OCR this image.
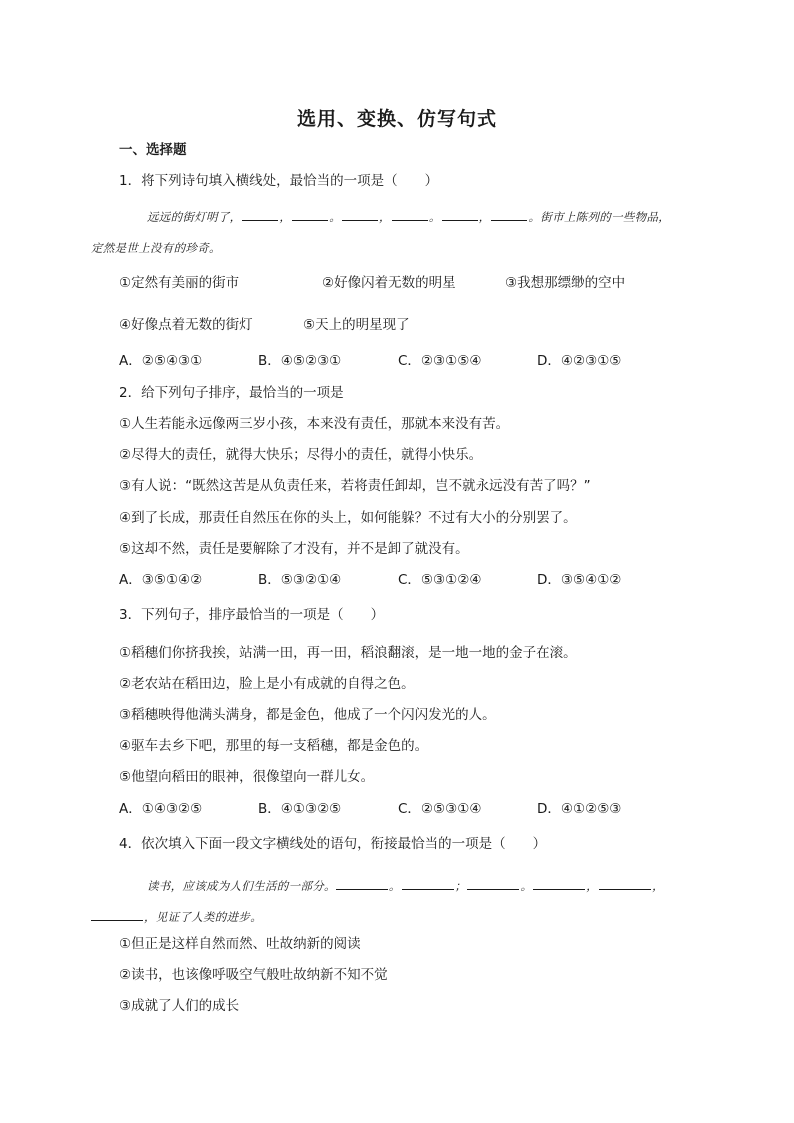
选用、变换、仿写句式
一、选择题
1．将下列诗句填入横线处，最恰当的一项是（　　）
远远的街灯明了，	，	。	，	。	，	。街市上陈列的一些物品，
定然是世上没有的珍奇。
①定然有美丽的街市	②好像闪着无数的明星	③我想那缥缈的空中
④好像点着无数的街灯	⑤天上的明星现了
A．②⑤④③①	B．④⑤②③①	C．②③①⑤④	D．④②③①⑤
2．给下列句子排序，最恰当的一项是
①人生若能永远像两三岁小孩，本来没有责任，那就本来没有苦。
②尽得大的责任，就得大快乐；尽得小的责任，就得小快乐。
③有人说：“既然这苦是从负责任来，若将责任卸却，岂不就永远没有苦了吗？”
④到了长成，那责任自然压在你的头上，如何能躲？不过有大小的分别罢了。
⑤这却不然，责任是要解除了才没有，并不是卸了就没有。
A．③⑤①④②	B．⑤③②①④	C．⑤③①②④	D．③⑤④①②
3．下列句子，排序最恰当的一项是（　　）
①稻穗们你挤我挨，站满一田，再一田，稻浪翻滚，是一地一地的金子在滚。
②老农站在稻田边，脸上是小有成就的自得之色。
③稻穗映得他满头满身，都是金色，他成了一个闪闪发光的人。
④驱车去乡下吧，那里的每一支稻穗，都是金色的。
⑤他望向稻田的眼神，很像望向一群儿女。
A．①④③②⑤	B．④①③②⑤	C．②⑤③①④	D．④①②⑤③
4．依次填入下面一段文字横线处的语句，衔接最恰当的一项是（　　）
读书，应该成为人们生活的一部分。	。	；	。	，	，
，见证了人类的进步。
①但正是这样自然而然、吐故纳新的阅读
②读书，也该像呼吸空气般吐故纳新不知不觉
③成就了人们的成长
